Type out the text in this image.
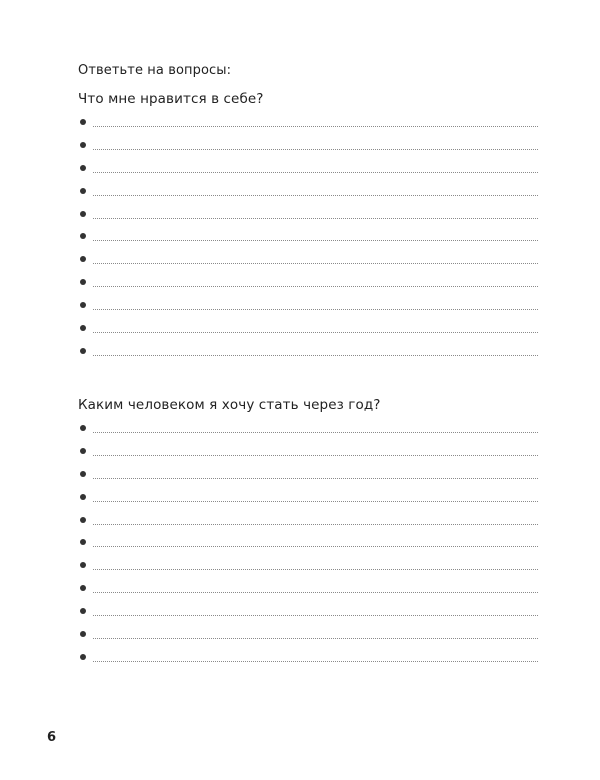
Ответьте на вопросы:
Что мне нравится в себе?
Каким человеком я хочу стать через год?
6
